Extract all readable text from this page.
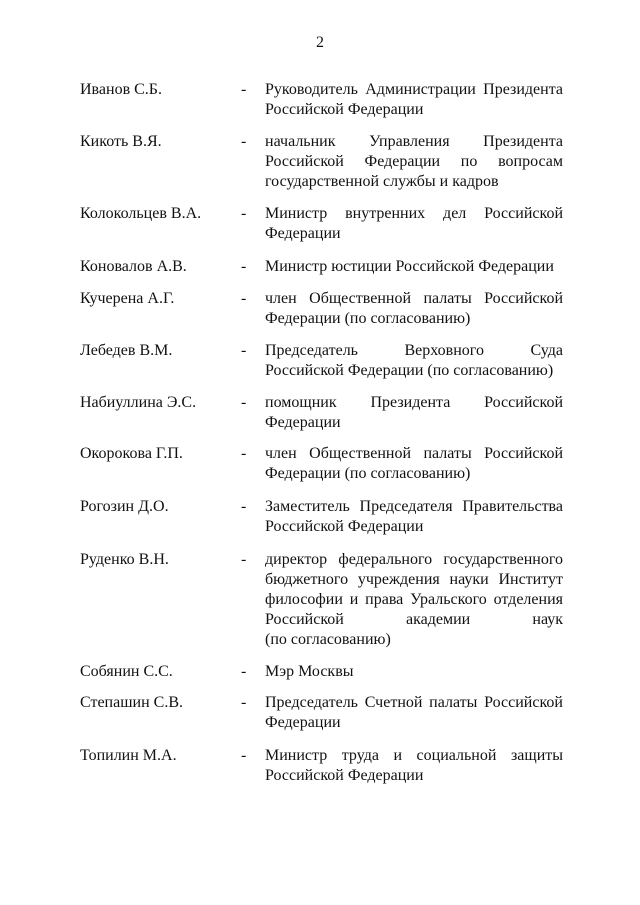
2
Иванов С.Б.	- Руководитель Администрации Президента
Российской Федерации
Кикоть В.Я.	- начальник Управления Президента
Российской Федерации по вопросам
государственной службы и кадров
Колокольцев В.А. - Министр внутренних дел Российской
Федерации
Коновалов А.В.	- Министр юстиции Российской Федерации
Кучерена А.Г.	- член Общественной палаты Российской
Федерации (по согласованию)
Лебедев В.М.	- Председатель Верховного Суда
Российской Федерации (по согласованию)
Набиуллина Э.С.	- помощник Президента Российской
Федерации
Окорокова Г.П.	- член Общественной палаты Российской
Федерации (по согласованию)
Рогозин Д.О.	- Заместитель Председателя Правительства
Российской Федерации
Руденко В.Н.	- директор федерального государственного
бюджетного учреждения науки Институт
философии и права Уральского отделения
Российской академии наук
(по согласованию)
Собянин С.С.	- Мэр Москвы
Степашин С.В.	- Председатель Счетной палаты Российской
Федерации
Топилин М.А.	- Министр труда и социальной защиты
Российской Федерации
